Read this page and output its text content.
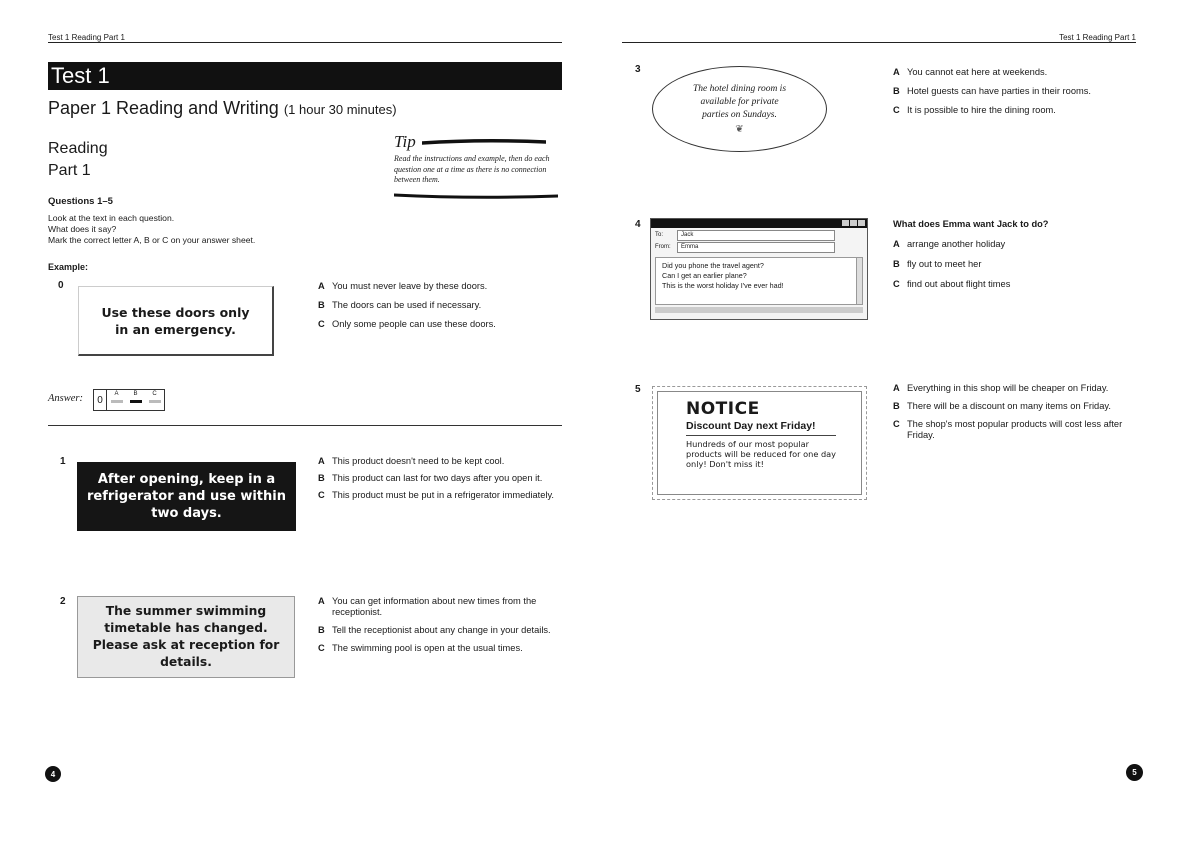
Test 1 Reading Part 1
Test 1
Paper 1 Reading and Writing (1 hour 30 minutes)
Reading
Part 1
Tip
Read the instructions and example, then do each question one at a time as there is no connection between them.
Questions 1–5
Look at the text in each question.
What does it say?
Mark the correct letter A, B or C on your answer sheet.
Example:
0
Use these doors only in an emergency.
A You must never leave by these doors.
B The doors can be used if necessary.
C Only some people can use these doors.
Answer:	0
A	B	C
1
After opening, keep in a refrigerator and use within two days.
A This product doesn't need to be kept cool.
B This product can last for two days after you open it.
C This product must be put in a refrigerator immediately.
2
The summer swimming timetable has changed. Please ask at reception for details.
A You can get information about new times from the receptionist.
B Tell the receptionist about any change in your details.
C The swimming pool is open at the usual times.
4
Test 1 Reading Part 1
3
The hotel dining room is available for private parties on Sundays.
❦
A You cannot eat here at weekends.
B Hotel guests can have parties in their rooms.
C It is possible to hire the dining room.
4
To:	Jack
From:	Emma
Did you phone the travel agent?
Can I get an earlier plane?
This is the worst holiday I've ever had!
What does Emma want Jack to do?
A arrange another holiday
B fly out to meet her
C find out about flight times
5
NOTICE
Discount Day next Friday!
Hundreds of our most popular products will be reduced for one day only! Don't miss it!
A Everything in this shop will be cheaper on Friday.
B There will be a discount on many items on Friday.
C The shop's most popular products will cost less after Friday.
5
